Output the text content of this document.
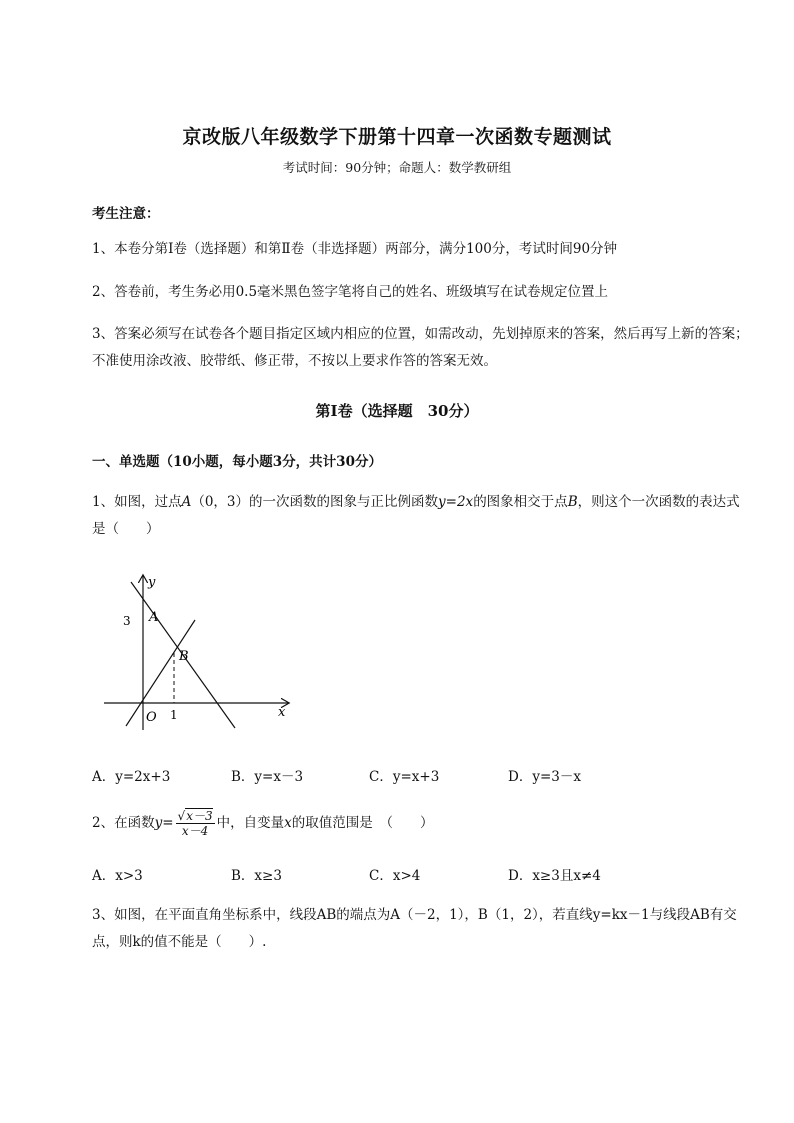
京改版八年级数学下册第十四章一次函数专题测试
考试时间：90分钟；命题人：数学教研组
考生注意：
1、本卷分第I卷（选择题）和第Ⅱ卷（非选择题）两部分，满分100分，考试时间90分钟
2、答卷前，考生务必用0.5毫米黑色签字笔将自己的姓名、班级填写在试卷规定位置上
3、答案必须写在试卷各个题目指定区域内相应的位置，如需改动，先划掉原来的答案，然后再写上新的答案；不准使用涂改液、胶带纸、修正带，不按以上要求作答的答案无效。
第I卷（选择题　30分）
一、单选题（10小题，每小题3分，共计30分）
1、如图，过点A（0，3）的一次函数的图象与正比例函数y=2x的图象相交于点B，则这个一次函数的表达式是（　　）
y
x
O
3
1
A
B
A．y=2x+3	B．y=x－3	C．y=x+3	D．y=3－x
2、在函数$y= \frac{√x-3}{x-4}$ 中，自变量x的取值范围是　（　　）
A．x>3	B．x≥3	C．x>4	D．x≥3且x≠4
3、如图，在平面直角坐标系中，线段AB的端点为A（－2，1），B（1，2），若直线y=kx－1与线段AB有交点，则k的值不能是（　　）.
